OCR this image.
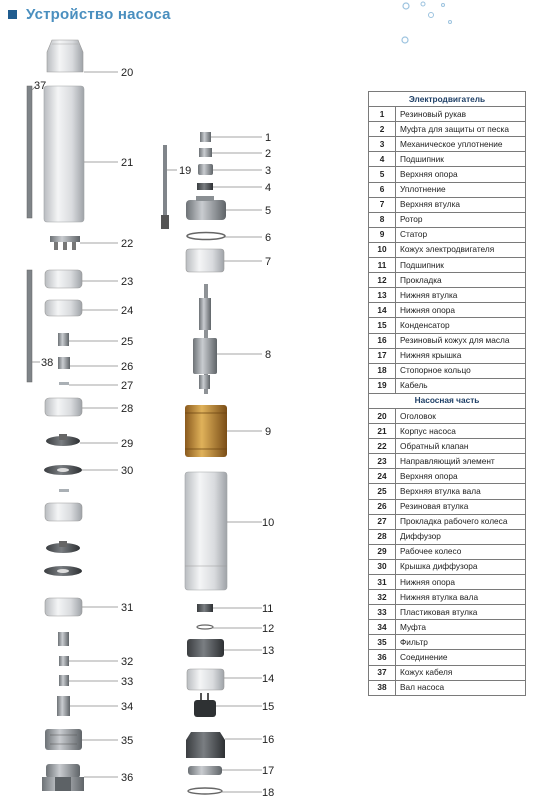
Устройство насоса
20
21
22
23
24
25
26
27
28
29
30
31
32
33
34
35
36
37
38
1
2
3
4
5
6
7
8
9
10
11
12
13
14
15
16
17
18
19
Электродвигатель	
1	Резиновый рукав
2	Муфта для защиты от песка
3	Механическое уплотнение
4	Подшипник
5	Верхняя опора
6	Уплотнение
7	Верхняя втулка
8	Ротор
9	Статор
10	Кожух электродвигателя
11	Подшипник
12	Прокладка
13	Нижняя втулка
14	Нижняя опора
15	Конденсатор
16	Резиновый кожух для масла
17	Нижняя крышка
18	Стопорное кольцо
19	Кабель
Насосная часть	
20	Оголовок
21	Корпус насоса
22	Обратный клапан
23	Направляющий элемент
24	Верхняя опора
25	Верхняя втулка вала
26	Резиновая втулка
27	Прокладка рабочего колеса
28	Диффузор
29	Рабочее колесо
30	Крышка диффузора
31	Нижняя опора
32	Нижняя втулка вала
33	Пластиковая втулка
34	Муфта
35	Фильтр
36	Соединение
37	Кожух кабеля
38	Вал насоса
